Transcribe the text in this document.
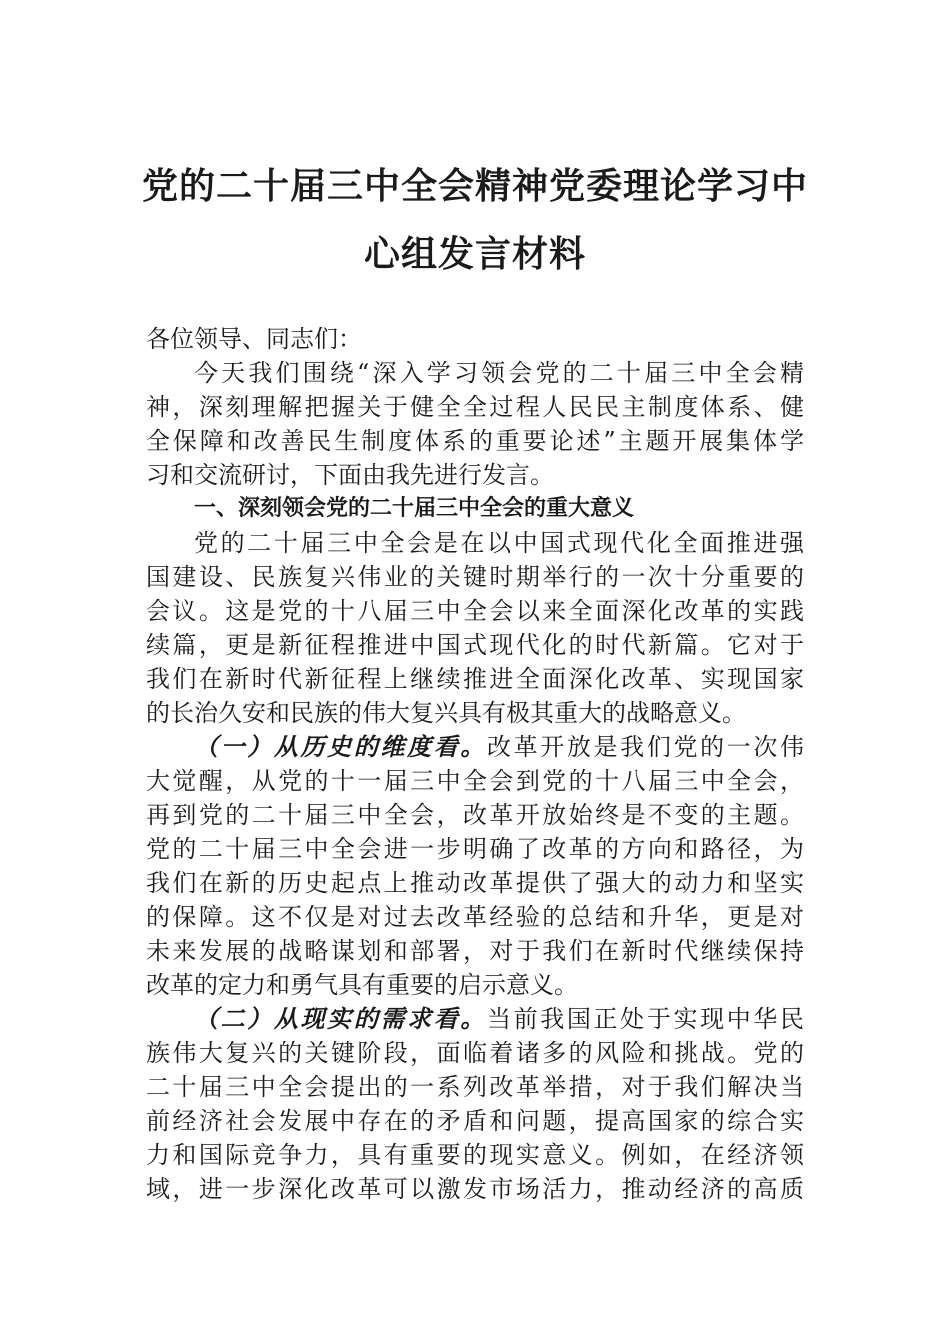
党的二十届三中全会精神党委理论学习中
心组发言材料
各位领导、同志们：
今天我们围绕“深入学习领会党的二十届三中全会精
神，深刻理解把握关于健全全过程人民民主制度体系、健
全保障和改善民生制度体系的重要论述”主题开展集体学
习和交流研讨，下面由我先进行发言。
一、深刻领会党的二十届三中全会的重大意义
党的二十届三中全会是在以中国式现代化全面推进强
国建设、民族复兴伟业的关键时期举行的一次十分重要的
会议。这是党的十八届三中全会以来全面深化改革的实践
续篇，更是新征程推进中国式现代化的时代新篇。它对于
我们在新时代新征程上继续推进全面深化改革、实现国家
的长治久安和民族的伟大复兴具有极其重大的战略意义。
（一）从历史的维度看。改革开放是我们党的一次伟
大觉醒，从党的十一届三中全会到党的十八届三中全会，
再到党的二十届三中全会，改革开放始终是不变的主题。
党的二十届三中全会进一步明确了改革的方向和路径，为
我们在新的历史起点上推动改革提供了强大的动力和坚实
的保障。这不仅是对过去改革经验的总结和升华，更是对
未来发展的战略谋划和部署，对于我们在新时代继续保持
改革的定力和勇气具有重要的启示意义。
（二）从现实的需求看。当前我国正处于实现中华民
族伟大复兴的关键阶段，面临着诸多的风险和挑战。党的
二十届三中全会提出的一系列改革举措，对于我们解决当
前经济社会发展中存在的矛盾和问题，提高国家的综合实
力和国际竞争力，具有重要的现实意义。例如，在经济领
域，进一步深化改革可以激发市场活力，推动经济的高质
